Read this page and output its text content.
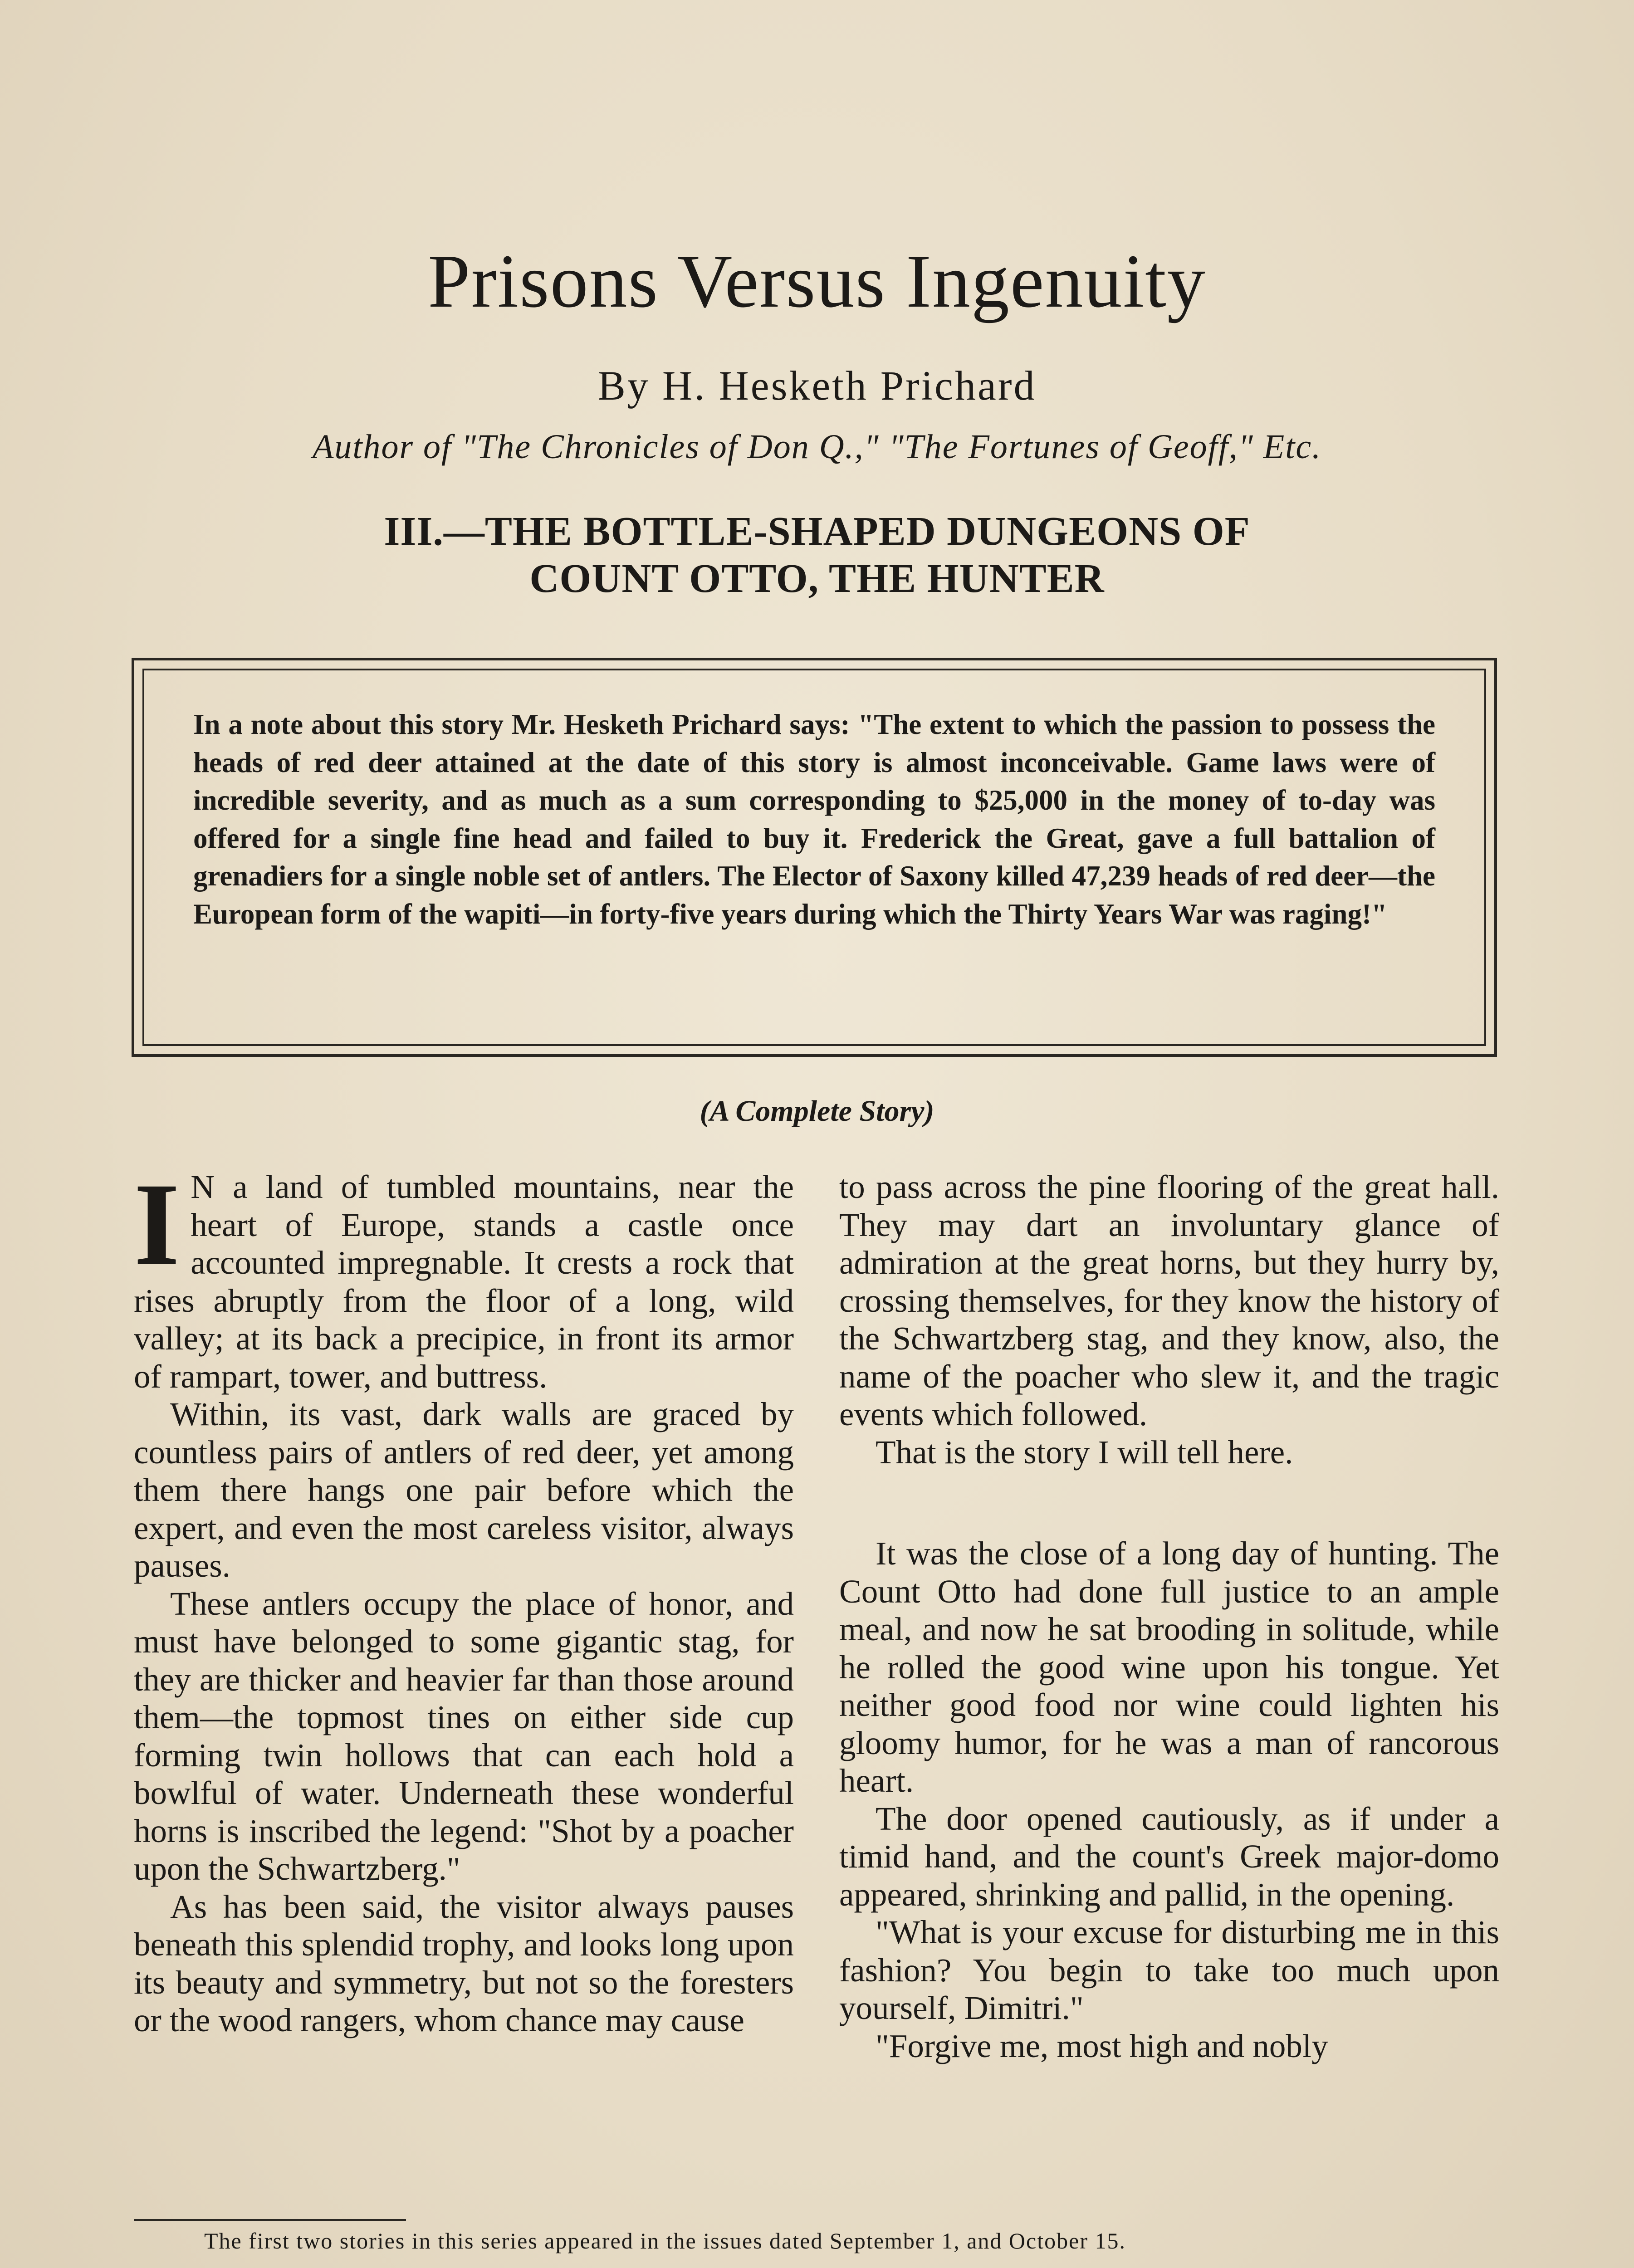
Prisons Versus Ingenuity
By H. Hesketh Prichard
Author of "The Chronicles of Don Q.," "The Fortunes of Geoff," Etc.
III.—THE BOTTLE-SHAPED DUNGEONS OF
COUNT OTTO, THE HUNTER
In a note about this story Mr. Hesketh Prichard says: "The extent to which the passion to possess the heads of red deer attained at the date of this story is almost inconceivable. Game laws were of incredible severity, and as much as a sum corresponding to $25,000 in the money of to-day was offered for a single fine head and failed to buy it. Frederick the Great, gave a full battalion of grenadiers for a single noble set of antlers. The Elector of Saxony killed 47,239 heads of red deer—the European form of the wapiti—in forty-five years during which the Thirty Years War was raging!"
(A Complete Story)
I N a land of tumbled mountains, near the heart of Europe, stands a castle once accounted impregnable. It crests a rock that rises abruptly from the floor of a long, wild valley; at its back a precipice, in front its armor of rampart, tower, and buttress.

Within, its vast, dark walls are graced by countless pairs of antlers of red deer, yet among them there hangs one pair before which the expert, and even the most careless visitor, always pauses.

These antlers occupy the place of honor, and must have belonged to some gigantic stag, for they are thicker and heavier far than those around them—the topmost tines on either side cup forming twin hollows that can each hold a bowlful of water. Underneath these wonderful horns is inscribed the legend: "Shot by a poacher upon the Schwartzberg."

As has been said, the visitor always pauses beneath this splendid trophy, and looks long upon its beauty and symmetry, but not so the foresters or the wood rangers, whom chance may cause

to pass across the pine flooring of the great hall. They may dart an involuntary glance of admiration at the great horns, but they hurry by, crossing themselves, for they know the history of the Schwartzberg stag, and they know, also, the name of the poacher who slew it, and the tragic events which followed.

That is the story I will tell here.

It was the close of a long day of hunting. The Count Otto had done full justice to an ample meal, and now he sat brooding in solitude, while he rolled the good wine upon his tongue. Yet neither good food nor wine could lighten his gloomy humor, for he was a man of rancorous heart.

The door opened cautiously, as if under a timid hand, and the count's Greek major-domo appeared, shrinking and pallid, in the opening.

"What is your excuse for disturbing me in this fashion? You begin to take too much upon yourself, Dimitri."

"Forgive me, most high and nobly

The first two stories in this series appeared in the issues dated September 1, and October 15.
